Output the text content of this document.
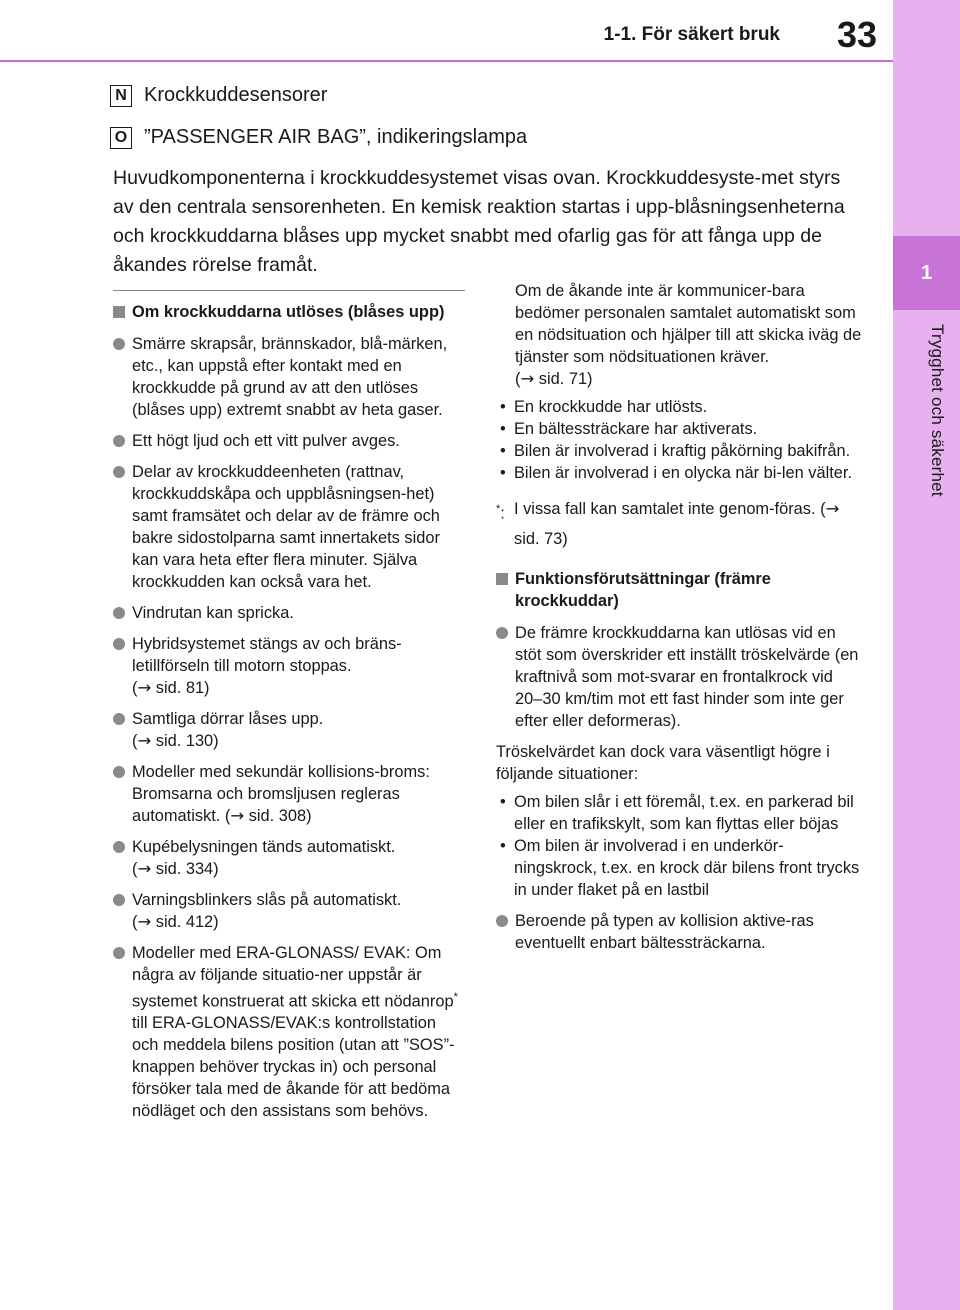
1-1. För säkert bruk 33
1
Trygghet och säkerhet
N Krockkuddesensorer
O ”PASSENGER AIR BAG”, indikeringslampa
Huvudkomponenterna i krockkuddesystemet visas ovan. Krockkuddesyste-met styrs av den centrala sensorenheten. En kemisk reaktion startas i upp-blåsningsenheterna och krockkuddarna blåses upp mycket snabbt med ofarlig gas för att fånga upp de åkandes rörelse framåt.
Om krockkuddarna utlöses (blåses upp)
Smärre skrapsår, brännskador, blå-märken, etc., kan uppstå efter kontakt med en krockkudde på grund av att den utlöses (blåses upp) extremt snabbt av heta gaser.
Ett högt ljud och ett vitt pulver avges.
Delar av krockkuddeenheten (rattnav, krockkuddskåpa och uppblåsningsen-het) samt framsätet och delar av de främre och bakre sidostolparna samt innertakets sidor kan vara heta efter flera minuter. Själva krockkudden kan också vara het.
Vindrutan kan spricka.
Hybridsystemet stängs av och bräns-letillförseln till motorn stoppas.
(→ sid. 81)
Samtliga dörrar låses upp.
(→ sid. 130)
Modeller med sekundär kollisions-broms: Bromsarna och bromsljusen regleras automatiskt. (→ sid. 308)
Kupébelysningen tänds automatiskt.
(→ sid. 334)
Varningsblinkers slås på automatiskt.
(→ sid. 412)
Modeller med ERA-GLONASS/ EVAK: Om några av följande situatio-ner uppstår är systemet konstruerat att skicka ett nödanrop* till ERA-GLONASS/EVAK:s kontrollstation och meddela bilens position (utan att ”SOS”-knappen behöver tryckas in) och personal försöker tala med de åkande för att bedöma nödläget och den assistans som behövs.
Om de åkande inte är kommunicer-bara bedömer personalen samtalet automatiskt som en nödsituation och hjälper till att skicka iväg de tjänster som nödsituationen kräver.
(→ sid. 71)
• En krockkudde har utlösts.
• En bältessträckare har aktiverats.
• Bilen är involverad i kraftig påkörning bakifrån.
• Bilen är involverad i en olycka när bi-len välter.
*: I vissa fall kan samtalet inte genom-föras. (→ sid. 73)
Funktionsförutsättningar (främre krockkuddar)
De främre krockkuddarna kan utlösas vid en stöt som överskrider ett inställt tröskelvärde (en kraftnivå som mot-svarar en frontalkrock vid 20–30 km/tim mot ett fast hinder som inte ger efter eller deformeras).
Tröskelvärdet kan dock vara väsentligt högre i följande situationer:
• Om bilen slår i ett föremål, t.ex. en parkerad bil eller en trafikskylt, som kan flyttas eller böjas
• Om bilen är involverad i en underkör-ningskrock, t.ex. en krock där bilens front trycks in under flaket på en lastbil
Beroende på typen av kollision aktive-ras eventuellt enbart bältessträckarna.
